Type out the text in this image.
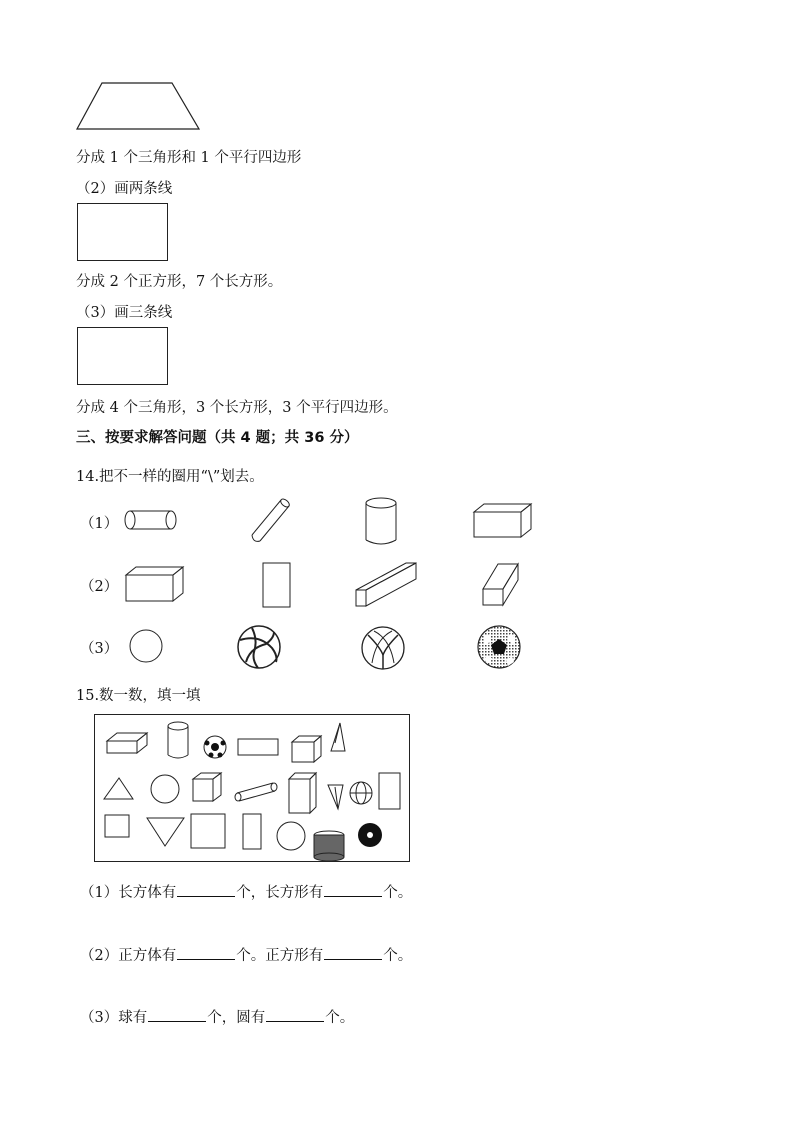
分成 1 个三角形和 1 个平行四边形
（2）画两条线
分成 2 个正方形，7 个长方形。
（3）画三条线
分成 4 个三角形，3 个长方形，3 个平行四边形。
三、按要求解答问题（共 4 题；共 36 分）
14.把不一样的圈用“\”划去。
（1）
（2）
（3）
15.数一数，填一填
（1）长方体有	个，长方形有	个。
（2）正方体有	个。正方形有	个。
（3）球有	个，圆有	个。
